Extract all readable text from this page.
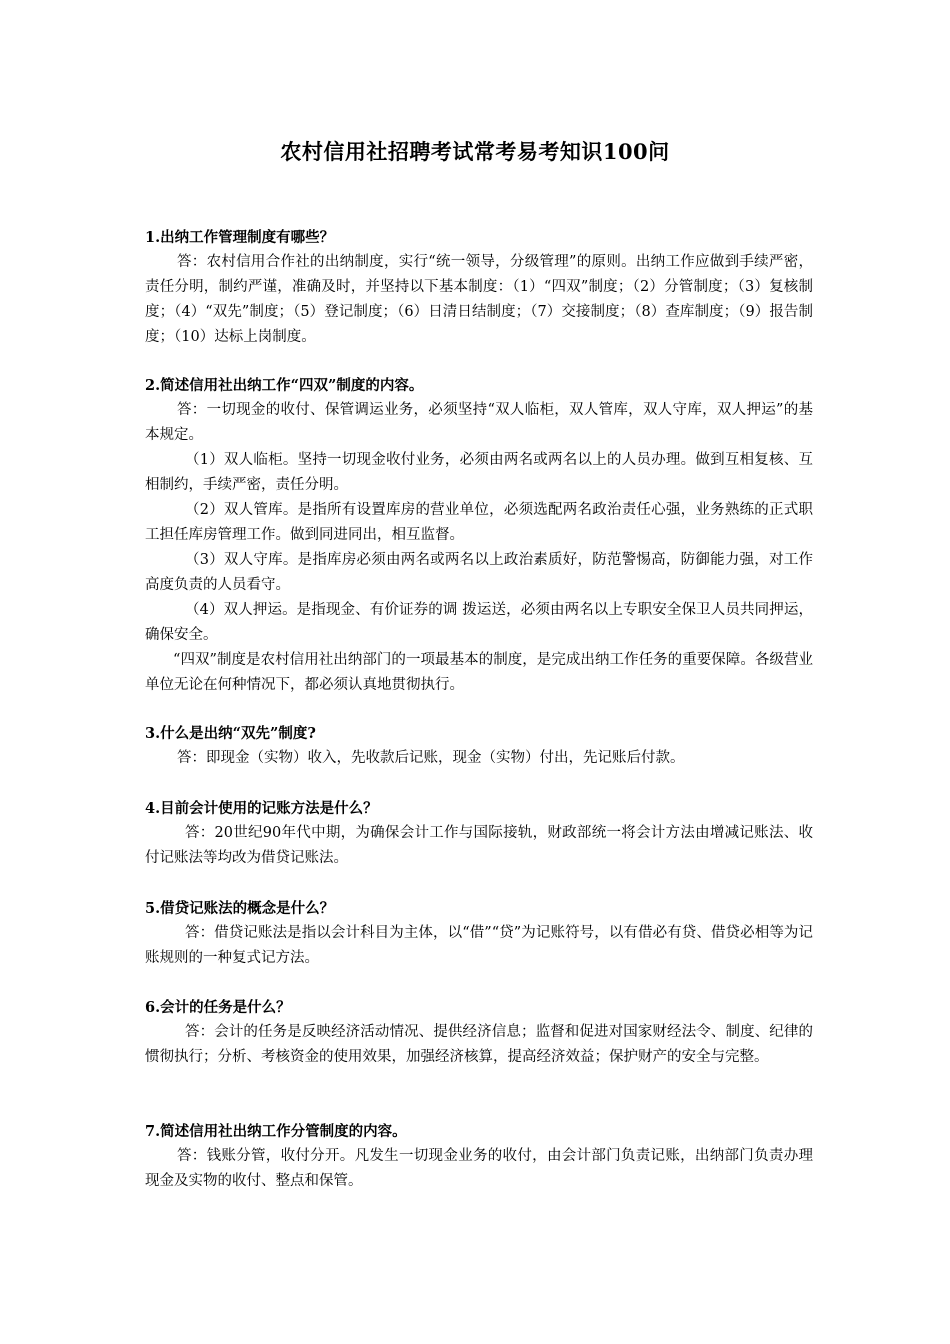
农村信用社招聘考试常考易考知识100问
1.出纳工作管理制度有哪些？

答：农村信用合作社的出纳制度，实行“统一领导，分级管理”的原则。出纳工作应做到手续严密，责任分明，制约严谨，准确及时，并坚持以下基本制度：（1）“四双”制度；（2）分管制度；（3）复核制度；（4）“双先”制度；（5）登记制度；（6）日清日结制度；（7）交接制度；（8）查库制度；（9）报告制度；（10）达标上岗制度。

2.简述信用社出纳工作“四双”制度的内容。

答：一切现金的收付、保管调运业务，必须坚持“双人临柜，双人管库，双人守库，双人押运”的基本规定。

（1）双人临柜。坚持一切现金收付业务，必须由两名或两名以上的人员办理。做到互相复核、互相制约，手续严密，责任分明。

（2）双人管库。是指所有设置库房的营业单位，必须选配两名政治责任心强，业务熟练的正式职工担任库房管理工作。做到同进同出，相互监督。

（3）双人守库。是指库房必须由两名或两名以上政治素质好，防范警惕高，防御能力强，对工作高度负责的人员看守。

（4）双人押运。是指现金、有价证券的调 拨运送，必须由两名以上专职安全保卫人员共同押运，确保安全。

“四双”制度是农村信用社出纳部门的一项最基本的制度，是完成出纳工作任务的重要保障。各级营业单位无论在何种情况下，都必须认真地贯彻执行。

3.什么是出纳“双先”制度?

答：即现金（实物）收入，先收款后记账，现金（实物）付出，先记账后付款。

4.目前会计使用的记账方法是什么？

答：20世纪90年代中期，为确保会计工作与国际接轨，财政部统一将会计方法由增减记账法、收付记账法等均改为借贷记账法。

5.借贷记账法的概念是什么？

答：借贷记账法是指以会计科目为主体，以“借”“贷”为记账符号，以有借必有贷、借贷必相等为记账规则的一种复式记方法。

6.会计的任务是什么？

答：会计的任务是反映经济活动情况、提供经济信息；监督和促进对国家财经法令、制度、纪律的惯彻执行；分析、考核资金的使用效果，加强经济核算，提高经济效益；保护财产的安全与完整。

7.简述信用社出纳工作分管制度的内容。

答：钱账分管，收付分开。凡发生一切现金业务的收付，由会计部门负责记账，出纳部门负责办理现金及实物的收付、整点和保管。
